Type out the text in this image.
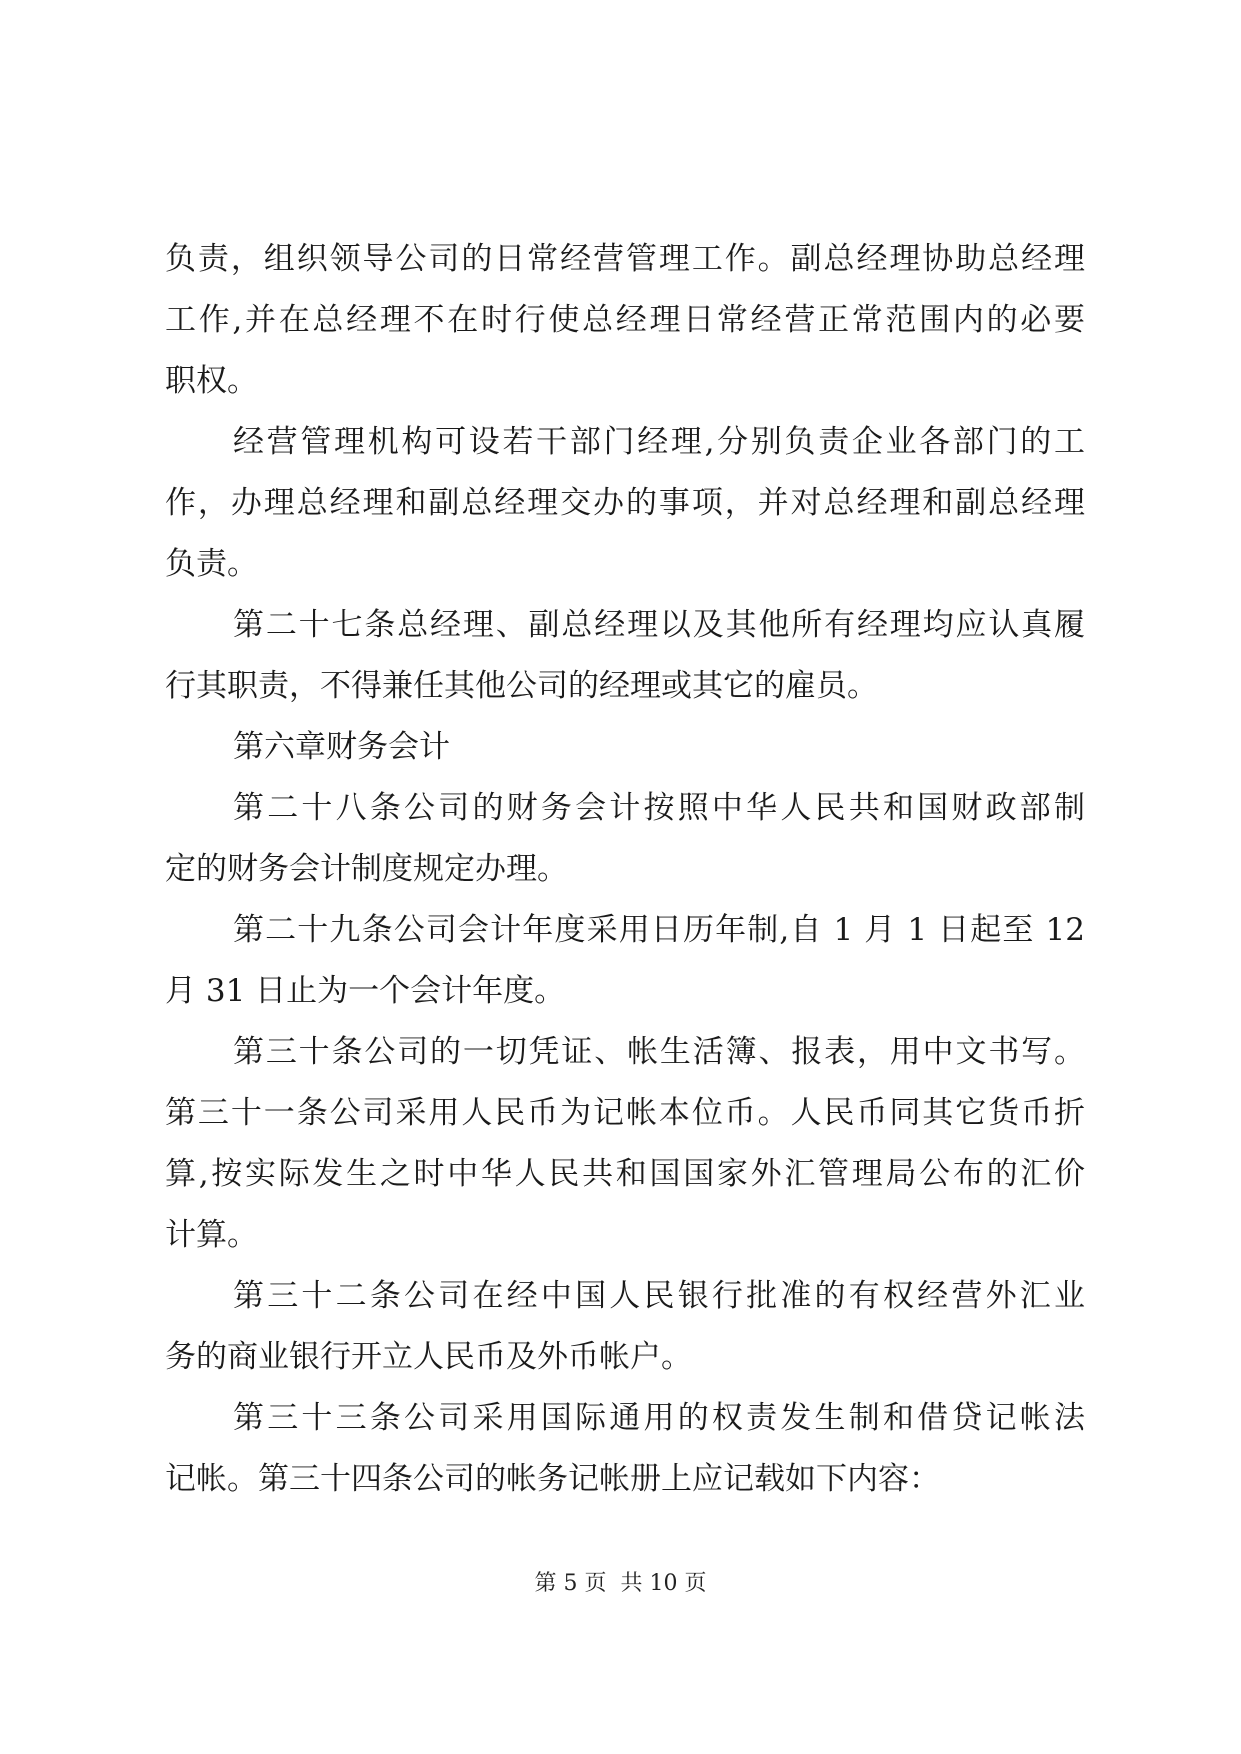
负责，组织领导公司的日常经营管理工作。副总经理协助总经理
工作,并在总经理不在时行使总经理日常经营正常范围内的必要
职权。
经营管理机构可设若干部门经理,分别负责企业各部门的工
作，办理总经理和副总经理交办的事项，并对总经理和副总经理
负责。
第二十七条总经理、副总经理以及其他所有经理均应认真履
行其职责，不得兼任其他公司的经理或其它的雇员。
第六章财务会计
第二十八条公司的财务会计按照中华人民共和国财政部制
定的财务会计制度规定办理。
第二十九条公司会计年度采用日历年制,自 1 月 1 日起至 12
月 31 日止为一个会计年度。
第三十条公司的一切凭证、帐生活簿、报表，用中文书写。
第三十一条公司采用人民币为记帐本位币。人民币同其它货币折
算,按实际发生之时中华人民共和国国家外汇管理局公布的汇价
计算。
第三十二条公司在经中国人民银行批准的有权经营外汇业
务的商业银行开立人民币及外币帐户。
第三十三条公司采用国际通用的权责发生制和借贷记帐法
记帐。第三十四条公司的帐务记帐册上应记载如下内容：
第 5 页 共 10 页
